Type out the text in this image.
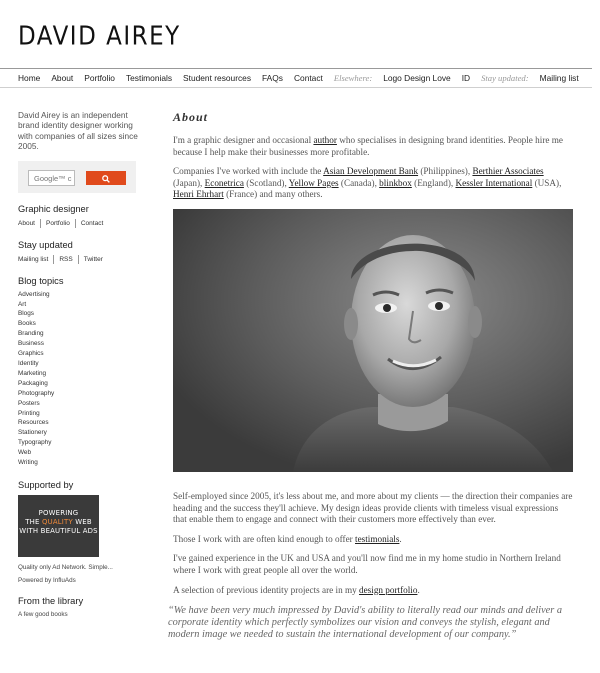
DAVID AIREY
Home About Portfolio Testimonials Student resources FAQs Contact Elsewhere: Logo Design Love ID Stay updated: Mailing list
David Airey is an independent brand identity designer working with companies of all sizes since 2005.
Google™ c
Graphic designer
About Portfolio Contact
Stay updated
Mailing list RSS Twitter
Blog topics
Advertising
Art
Blogs
Books
Branding
Business
Graphics
Identity
Marketing
Packaging
Photography
Posters
Printing
Resources
Stationery
Typography
Web
Writing
Supported by
POWERING
THE QUALITY WEB
WITH BEAUTIFUL ADS
Quality only Ad Network. Simple...
Powered by InfluAds
From the library
A few good books
About

I'm a graphic designer and occasional author who specialises in designing brand identities. People hire me because I help make their businesses more profitable.

Companies I've worked with include the Asian Development Bank (Philippines), Berthier Associates (Japan), Econetrica (Scotland), Yellow Pages (Canada), blinkbox (England), Kessler International (USA), Henri Ehrhart (France) and many others.

Self-employed since 2005, it's less about me, and more about my clients — the direction their companies are heading and the success they'll achieve. My design ideas provide clients with timeless visual expressions that enable them to engage and connect with their customers more effectively than ever.

Those I work with are often kind enough to offer testimonials.

I've gained experience in the UK and USA and you'll now find me in my home studio in Northern Ireland where I work with great people all over the world.

A selection of previous identity projects are in my design portfolio.

“We have been very much impressed by David's ability to literally read our minds and deliver a corporate identity which perfectly symbolizes our vision and conveys the stylish, elegant and modern image we needed to sustain the international development of our company.”
